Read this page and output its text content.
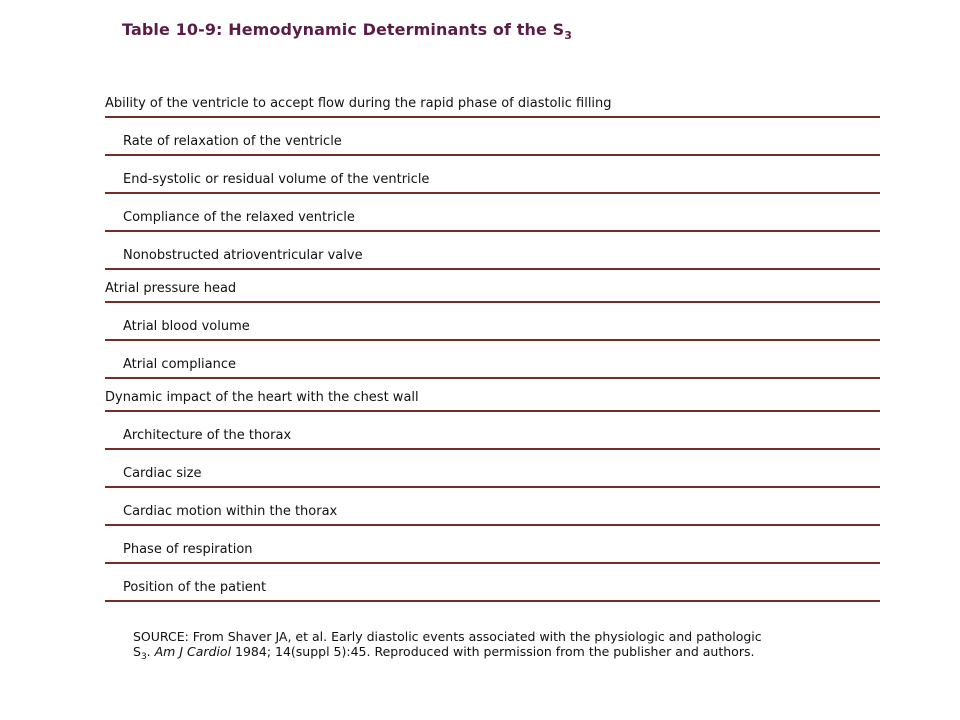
Table 10-9: Hemodynamic Determinants of the $S_3$
Ability of the ventricle to accept flow during the rapid phase of diastolic filling
Rate of relaxation of the ventricle
End-systolic or residual volume of the ventricle
Compliance of the relaxed ventricle
Nonobstructed atrioventricular valve
Atrial pressure head
Atrial blood volume
Atrial compliance
Dynamic impact of the heart with the chest wall
Architecture of the thorax
Cardiac size
Cardiac motion within the thorax
Phase of respiration
Position of the patient
SOURCE: From Shaver JA, et al. Early diastolic events associated with the physiologic and pathologic
$S_3$. Am J Cardiol 1984; 14(suppl 5):45. Reproduced with permission from the publisher and authors.
